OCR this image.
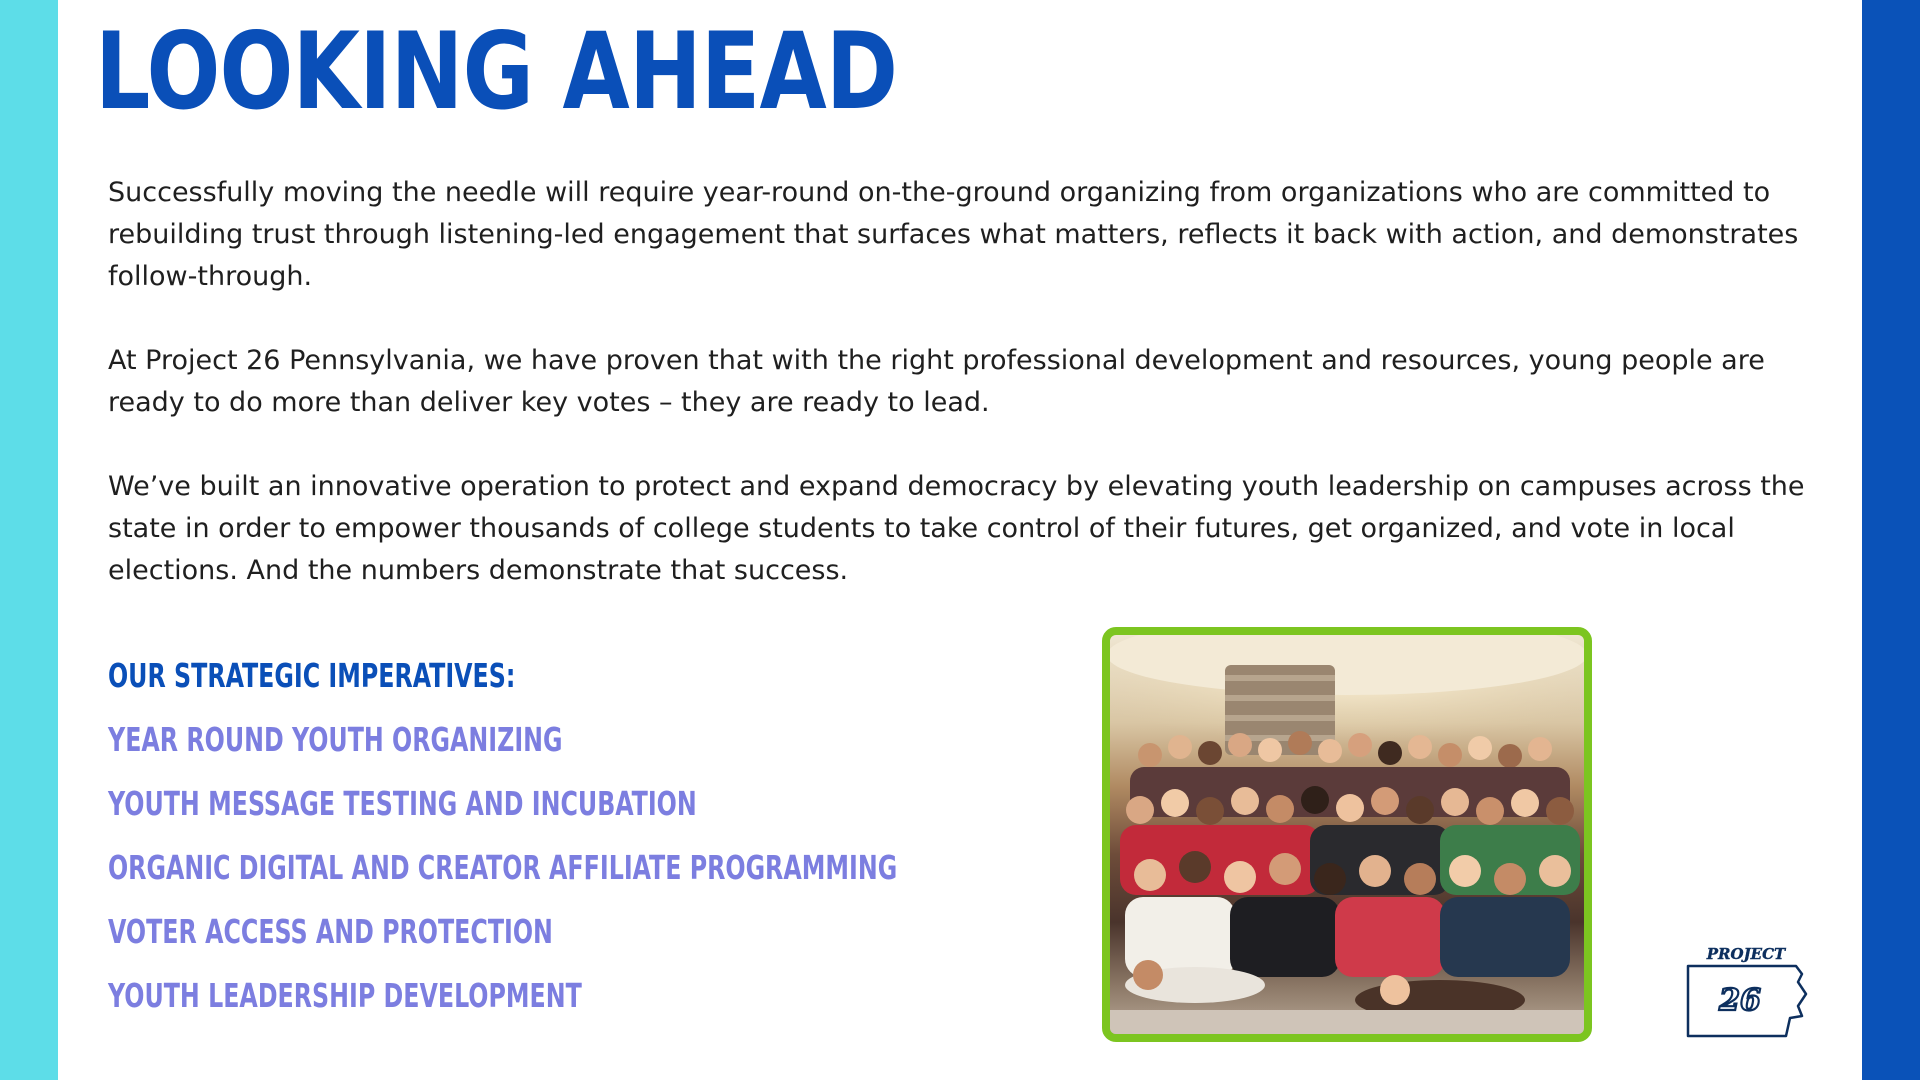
LOOKING AHEAD

Successfully moving the needle will require year-round on-the-ground organizing from organizations who are committed to rebuilding trust through listening-led engagement that surfaces what matters, reflects it back with action, and demonstrates follow-through.

At Project 26 Pennsylvania, we have proven that with the right professional development and resources, young people are ready to do more than deliver key votes – they are ready to lead.

We’ve built an innovative operation to protect and expand democracy by elevating youth leadership on campuses across the state in order to empower thousands of college students to take control of their futures, get organized, and vote in local elections. And the numbers demonstrate that success.

OUR STRATEGIC IMPERATIVES:
YEAR ROUND YOUTH ORGANIZING
YOUTH MESSAGE TESTING AND INCUBATION
ORGANIC DIGITAL AND CREATOR AFFILIATE PROGRAMMING
VOTER ACCESS AND PROTECTION
YOUTH LEADERSHIP DEVELOPMENT
PROJECT
26
